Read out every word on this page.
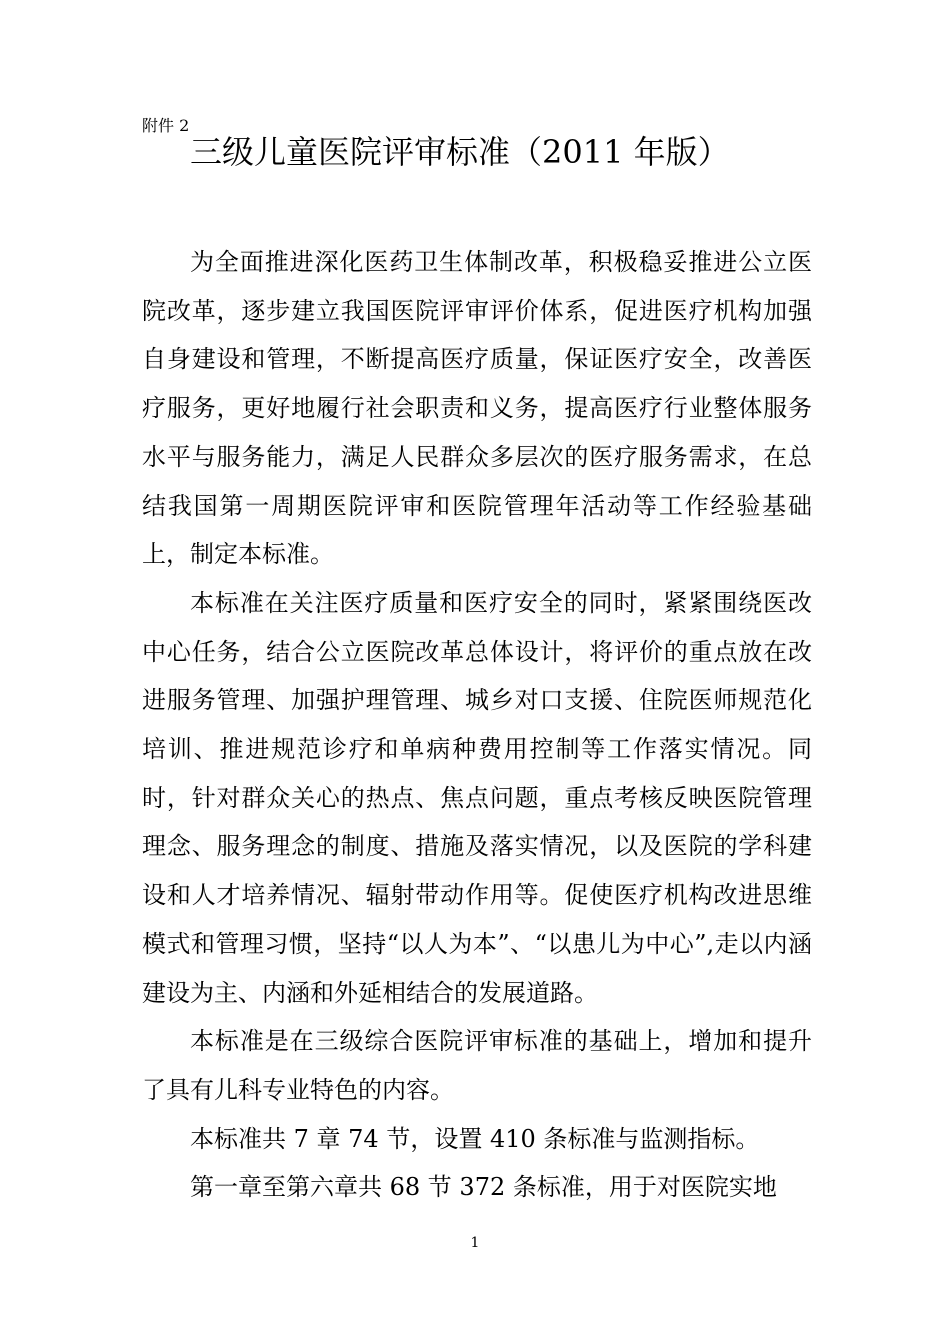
附件 2
三级儿童医院评审标准（2011 年版）

为全面推进深化医药卫生体制改革，积极稳妥推进公立医院改革，逐步建立我国医院评审评价体系，促进医疗机构加强自身建设和管理，不断提高医疗质量，保证医疗安全，改善医疗服务，更好地履行社会职责和义务，提高医疗行业整体服务水平与服务能力，满足人民群众多层次的医疗服务需求，在总结我国第一周期医院评审和医院管理年活动等工作经验基础上，制定本标准。

本标准在关注医疗质量和医疗安全的同时，紧紧围绕医改中心任务，结合公立医院改革总体设计，将评价的重点放在改进服务管理、加强护理管理、城乡对口支援、住院医师规范化培训、推进规范诊疗和单病种费用控制等工作落实情况。同时，针对群众关心的热点、焦点问题，重点考核反映医院管理理念、服务理念的制度、措施及落实情况，以及医院的学科建设和人才培养情况、辐射带动作用等。促使医疗机构改进思维模式和管理习惯，坚持“以人为本”、“以患儿为中心”,走以内涵建设为主、内涵和外延相结合的发展道路。

本标准是在三级综合医院评审标准的基础上，增加和提升了具有儿科专业特色的内容。

本标准共 7 章 74 节，设置 410 条标准与监测指标。

第一章至第六章共 68 节 372 条标准，用于对医院实地

1
